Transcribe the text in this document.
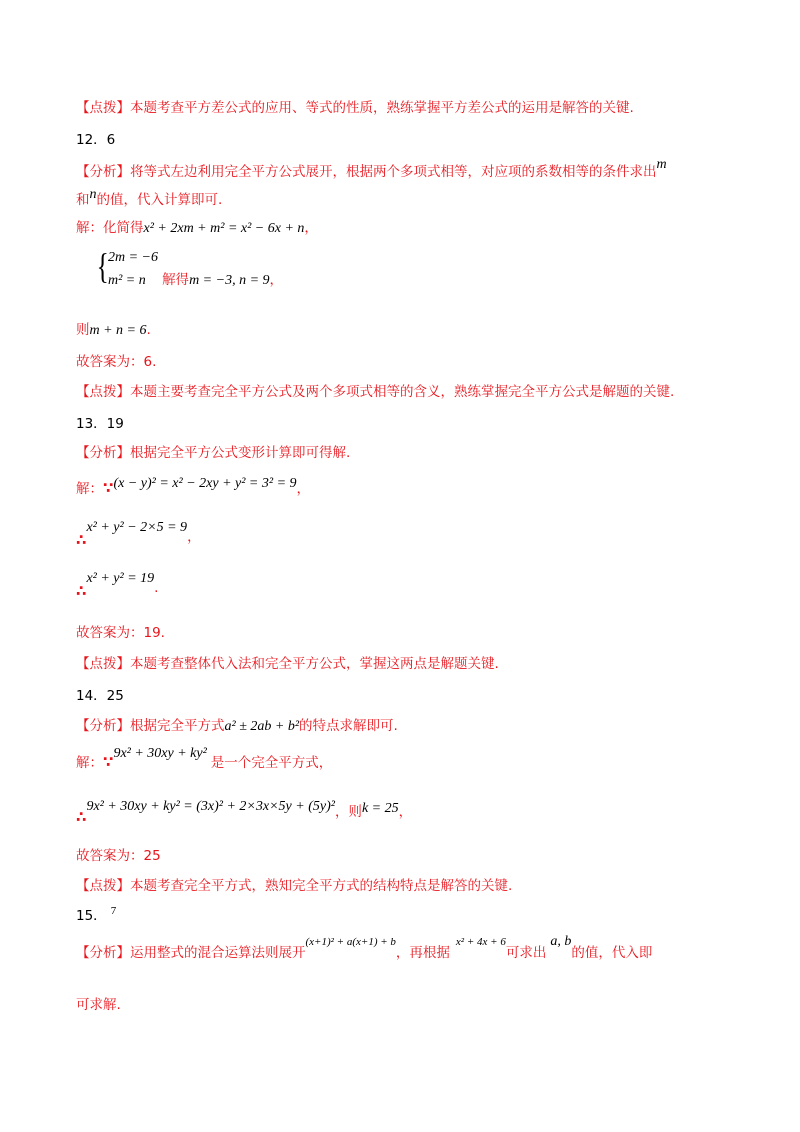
【点拨】本题考查平方差公式的应用、等式的性质，熟练掌握平方差公式的运用是解答的关键.
12．6
【分析】将等式左边利用完全平方公式展开，根据两个多项式相等，对应项的系数相等的条件求出m
和n的值，代入计算即可.
解：化简得x² + 2xm + m² = x² − 6x + n，
{ 2m = −6
m² = n 解得m = −3, n = 9，
则m + n = 6.
故答案为：6.
【点拨】本题主要考查完全平方公式及两个多项式相等的含义，熟练掌握完全平方公式是解题的关键.
13．19
【分析】根据完全平方公式变形计算即可得解.
解：∵(x − y)² = x² − 2xy + y² = 3² = 9，
∴x² + y² − 2×5 = 9，
∴x² + y² = 19.
故答案为：19.
【点拨】本题考查整体代入法和完全平方公式，掌握这两点是解题关键.
14．25
【分析】根据完全平方式a² ± 2ab + b²的特点求解即可.
解：∵9x² + 30xy + ky²是一个完全平方式，
∴9x² + 30xy + ky² = (3x)² + 2×3x×5y + (5y)²，则k = 25，
故答案为：25
【点拨】本题考查完全平方式，熟知完全平方式的结构特点是解答的关键.
15． $^7$
【分析】运用整式的混合运算法则展开$^{(x+1)^2 + a(x+1) + b}$，再根据$^{x^2 + 4x + 6}$可求出a, b的值，代入即
可求解.
